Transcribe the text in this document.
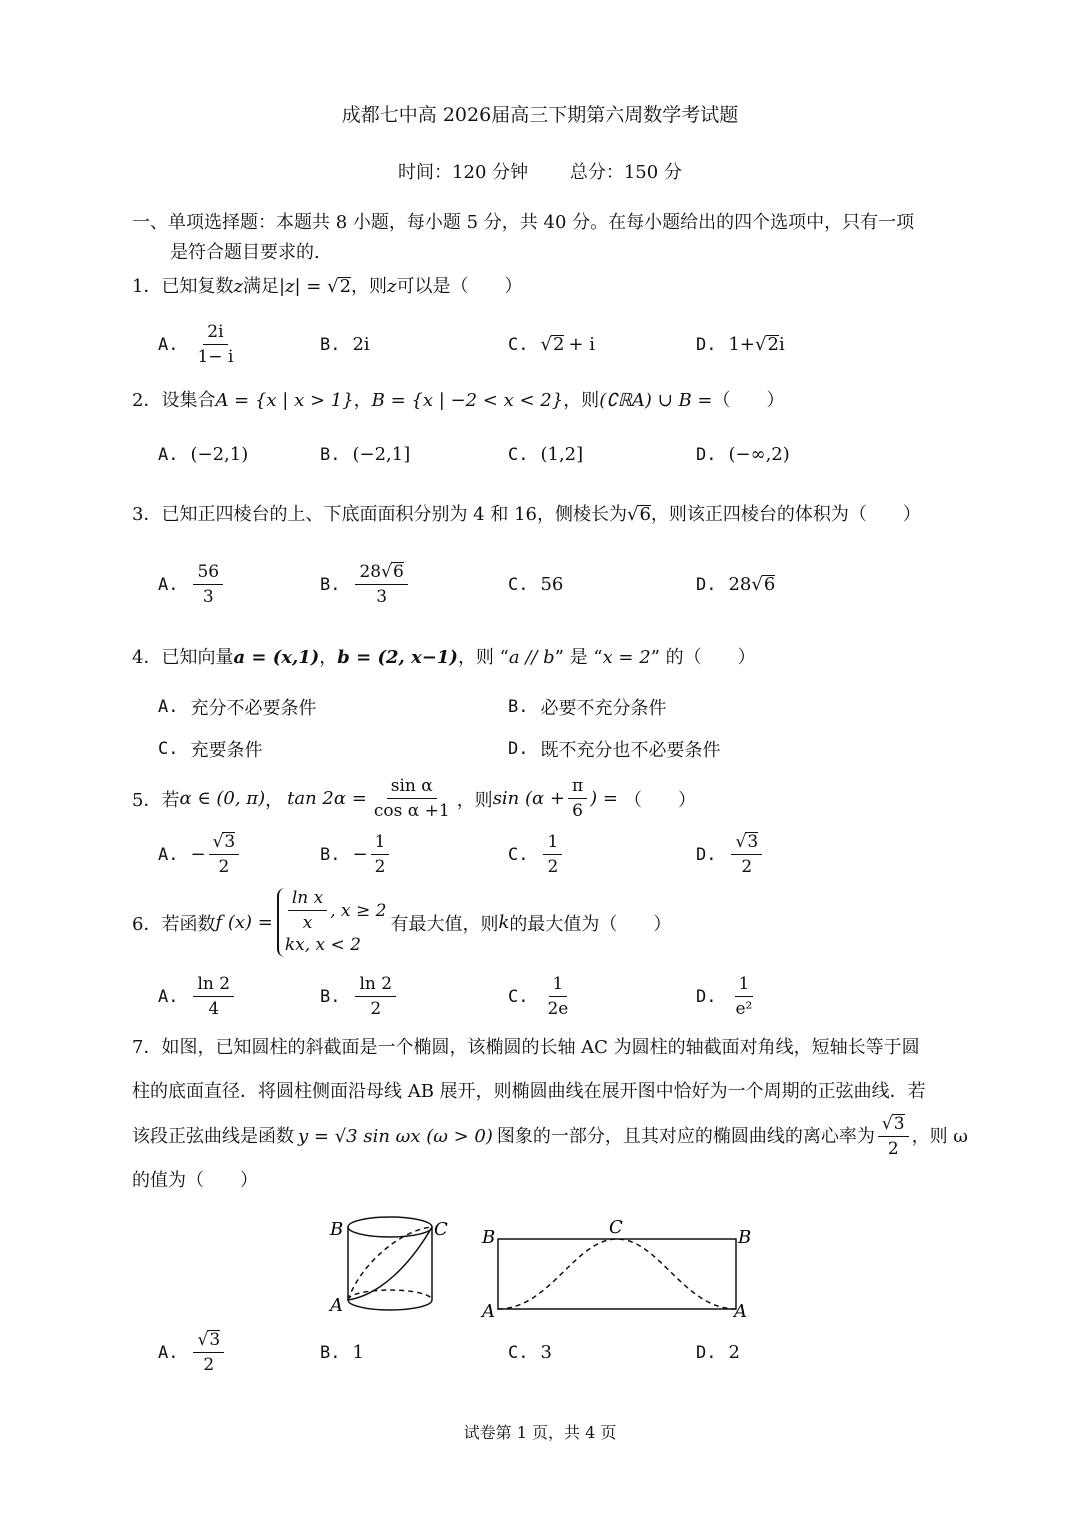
成都七中高 2026届高三下期第六周数学考试题
时间：120 分钟 总分：150 分
一、单项选择题：本题共 8 小题，每小题 5 分，共 40 分。在每小题给出的四个选项中，只有一项
是符合题目要求的.
1．已知复数z满足|z| = √2，则z可以是（　　）
A. $\frac{2i}{1- i}$	B. 2i	C. √ 2 + i	D. 1+ √ 2 i
2．设集合A = {x | x > 1}，B = {x | −2 < x < 2}，则(∁ℝA) ∪ B =（　　）
A. (−2,1)	B. (−2,1]	C. (1,2]	D. (−∞,2)
3．已知正四棱台的上、下底面面积分别为 4 和 16，侧棱长为√6，则该正四棱台的体积为（　　）
A. $\frac{56}{3}$	B. $\frac{28√6}{3}$	C. 56	D. 28 √ 6
4．已知向量a = (x,1)，b = (2, x−1)，则 “a // b” 是 “x = 2” 的（　　）
A. 充分不必要条件	B. 必要不充分条件
C. 充要条件	D. 既不充分也不必要条件
5．若 α ∈ (0, π) ， $\tan 2\alpha = \frac{\text{sin α}}{\text{cos α +1}}$ ，则 $\sin (\alpha + \frac{\pi}{6}$ ) = （　　）
A. − $\frac{√3}{2}$	B. − $\frac{1}{2}$	C. $\frac{1}{2}$	D. $\frac{√3}{2}$
6．若函数 f $(x) = \frac{\text{ln x}}{x}$ , x ≥ 2
kx, x < 2
有最大值，则 k 的最大值为（　　）
A. $\frac{\ln 2}{4}$	B. $\frac{\ln 2}{2}$	C. $\frac{1}{2e}$	D. $\frac{1}{\text{e²}}$
7．如图，已知圆柱的斜截面是一个椭圆，该椭圆的长轴 AC 为圆柱的轴截面对角线，短轴长等于圆
柱的底面直径．将圆柱侧面沿母线 AB 展开，则椭圆曲线在展开图中恰好为一个周期的正弦曲线．若
该段正弦曲线是函数 y = √3 sin ωx (ω > 0) 图象的一部分，且其对应的椭圆曲线的离心率为 $\frac{√3}{2}$ ，则 ω
的值为（　　）
B	C
A
B	C	B
A	A
A. $\frac{√3}{2}$	B. 1	C. 3	D. 2
试卷第 1 页，共 4 页
